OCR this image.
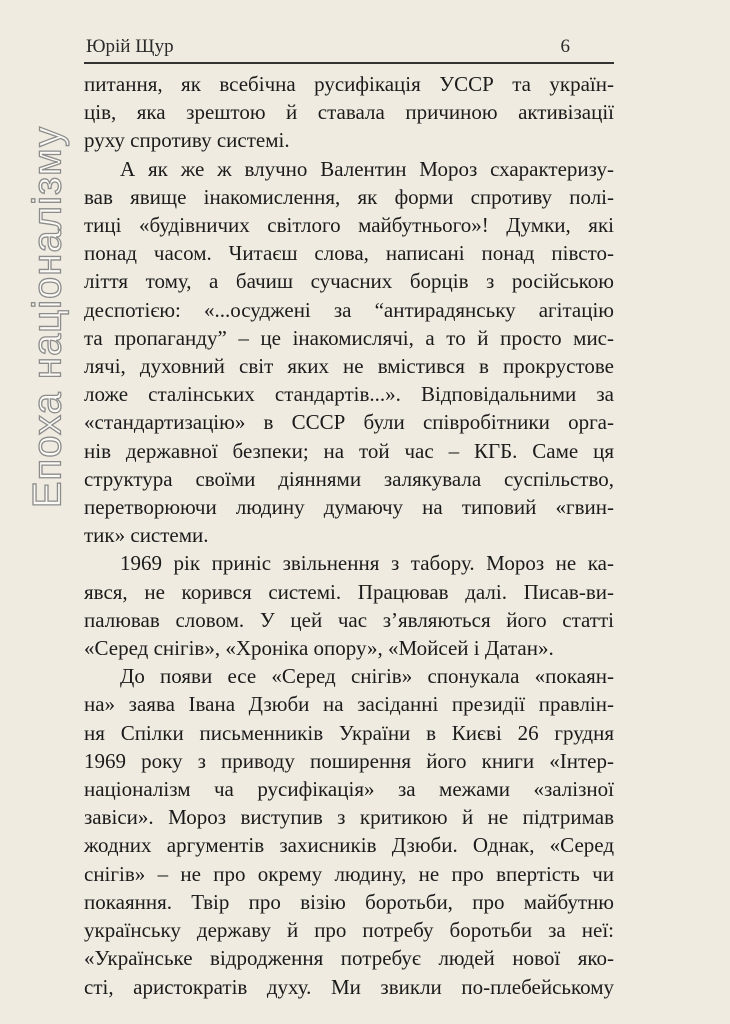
Юрій Щур	6
Епоха націоналізму
питання, як всебічна русифікація УССР та україн-
ців, яка зрештою й ставала причиною активізації
руху спротиву системі.
А як же ж влучно Валентин Мороз схарактеризу-
вав явище інакомислення, як форми спротиву полі-
тиці «будівничих світлого майбутнього»! Думки, які
понад часом. Читаєш слова, написані понад півсто-
ліття тому, а бачиш сучасних борців з російською
деспотією: «...осуджені за “антирадянську агітацію
та пропаганду” – це інакомислячі, а то й просто мис-
лячі, духовний світ яких не вмістився в прокрустове
ложе сталінських стандартів...». Відповідальними за
«стандартизацію» в СССР були співробітники орга-
нів державної безпеки; на той час – КГБ. Саме ця
структура своїми діяннями залякувала суспільство,
перетворюючи людину думаючу на типовий «гвин-
тик» системи.
1969 рік приніс звільнення з табору. Мороз не ка-
явся, не корився системі. Працював далі. Писав-ви-
палював словом. У цей час з’являються його статті
«Серед снігів», «Хроніка опору», «Мойсей і Датан».
До появи есе «Серед снігів» спонукала «покаян-
на» заява Івана Дзюби на засіданні президії правлін-
ня Спілки письменників України в Києві 26 грудня
1969 року з приводу поширення його книги «Інтер-
націоналізм ча русифікація» за межами «залізної
завіси». Мороз виступив з критикою й не підтримав
жодних аргументів захисників Дзюби. Однак, «Серед
снігів» – не про окрему людину, не про впертість чи
покаяння. Твір про візію боротьби, про майбутню
українську державу й про потребу боротьби за неї:
«Українське відродження потребує людей нової яко-
сті, аристократів духу. Ми звикли по-плебейському
